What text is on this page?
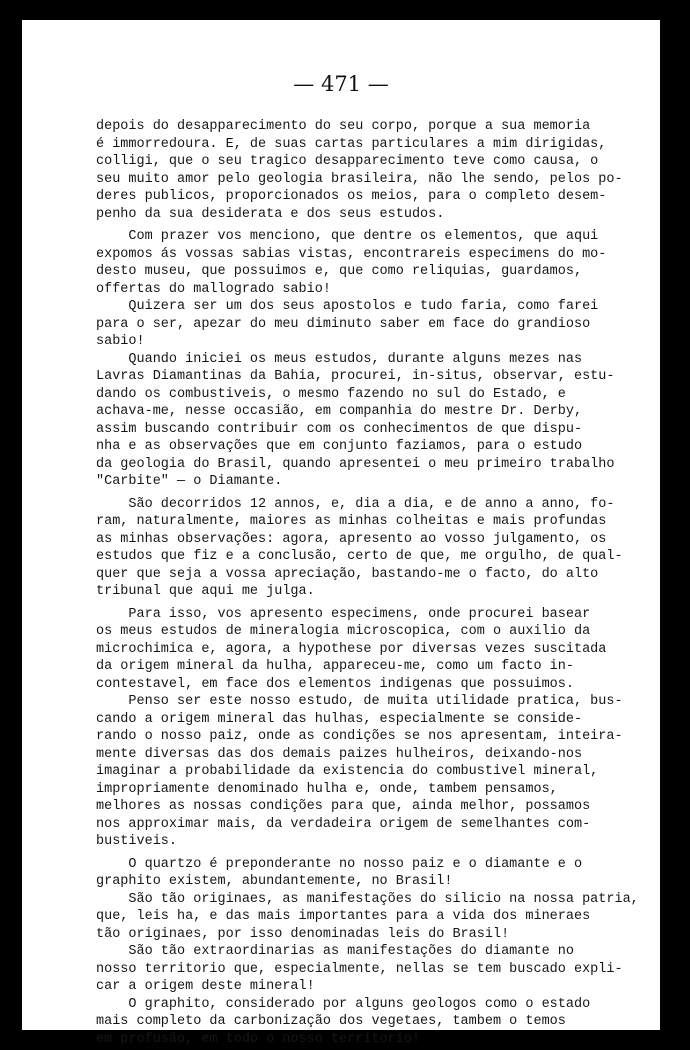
— 471 —
depois do desapparecimento do seu corpo, porque a sua memoria
é immorredoura. E, de suas cartas particulares a mim dirigidas,
colligi, que o seu tragico desapparecimento teve como causa, o
seu muito amor pelo geologia brasileira, não lhe sendo, pelos po-
deres publicos, proporcionados os meios, para o completo desem-
penho da sua desiderata e dos seus estudos.
Com prazer vos menciono, que dentre os elementos, que aqui
expomos ás vossas sabias vistas, encontrareis especimens do mo-
desto museu, que possuimos e, que como reliquias, guardamos,
offertas do mallogrado sabio!
Quizera ser um dos seus apostolos e tudo faria, como farei
para o ser, apezar do meu diminuto saber em face do grandioso
sabio!
Quando iniciei os meus estudos, durante alguns mezes nas
Lavras Diamantinas da Bahia, procurei, in-situs, observar, estu-
dando os combustiveis, o mesmo fazendo no sul do Estado, e
achava-me, nesse occasião, em companhia do mestre Dr. Derby,
assim buscando contribuir com os conhecimentos de que dispu-
nha e as observações que em conjunto faziamos, para o estudo
da geologia do Brasil, quando apresentei o meu primeiro trabalho
"Carbite" — o Diamante.
São decorridos 12 annos, e, dia a dia, e de anno a anno, fo-
ram, naturalmente, maiores as minhas colheitas e mais profundas
as minhas observações: agora, apresento ao vosso julgamento, os
estudos que fiz e a conclusão, certo de que, me orgulho, de qual-
quer que seja a vossa apreciação, bastando-me o facto, do alto
tribunal que aqui me julga.
Para isso, vos apresento especimens, onde procurei basear
os meus estudos de mineralogia microscopica, com o auxilio da
microchimica e, agora, a hypothese por diversas vezes suscitada
da origem mineral da hulha, appareceu-me, como um facto in-
contestavel, em face dos elementos indigenas que possuimos.
Penso ser este nosso estudo, de muita utilidade pratica, bus-
cando a origem mineral das hulhas, especialmente se conside-
rando o nosso paiz, onde as condições se nos apresentam, inteira-
mente diversas das dos demais paizes hulheiros, deixando-nos
imaginar a probabilidade da existencia do combustivel mineral,
impropriamente denominado hulha e, onde, tambem pensamos,
melhores as nossas condições para que, ainda melhor, possamos
nos approximar mais, da verdadeira origem de semelhantes com-
bustiveis.
O quartzo é preponderante no nosso paiz e o diamante e o
graphito existem, abundantemente, no Brasil!
São tão originaes, as manifestações do silicio na nossa patria,
que, leis ha, e das mais importantes para a vida dos mineraes
tão originaes, por isso denominadas leis do Brasil!
São tão extraordinarias as manifestações do diamante no
nosso territorio que, especialmente, nellas se tem buscado expli-
car a origem deste mineral!
O graphito, considerado por alguns geologos como o estado
mais completo da carbonização dos vegetaes, tambem o temos
em profusão, em todo o nosso territorio!
